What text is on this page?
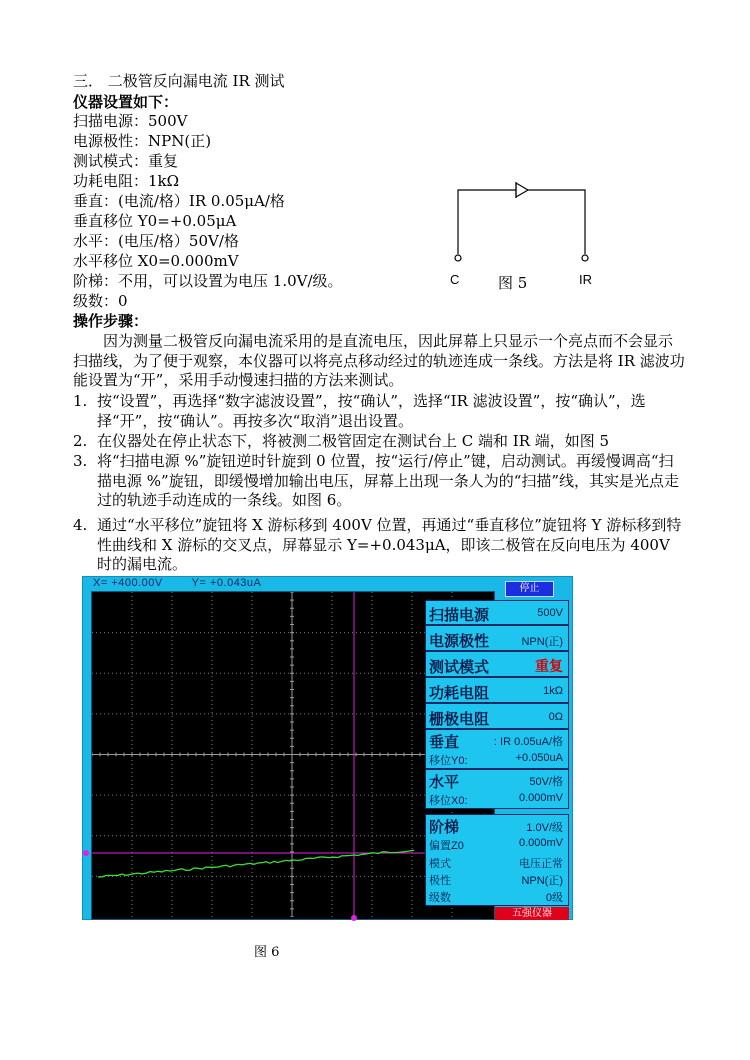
三． 二极管反向漏电流 IR 测试
仪器设置如下：
扫描电源：500V
电源极性：NPN(正)
测试模式：重复
功耗电阻：1kΩ
垂直：(电流/格）IR 0.05μA/格
垂直移位 Y0=+0.05μA
水平：(电压/格）50V/格
水平移位 X0=0.000mV
阶梯：不用，可以设置为电压 1.0V/级。
级数：0
C	IR
图 5
操作步骤：
因为测量二极管反向漏电流采用的是直流电压，因此屏幕上只显示一个亮点而不会显示扫描线，为了便于观察，本仪器可以将亮点移动经过的轨迹连成一条线。方法是将 IR 滤波功能设置为“开”，采用手动慢速扫描的方法来测试。
1. 按“设置”，再选择“数字滤波设置”，按“确认”，选择“IR 滤波设置”，按“确认”，选择“开”，按“确认”。再按多次“取消”退出设置。
2. 在仪器处在停止状态下，将被测二极管固定在测试台上 C 端和 IR 端，如图 5
3. 将“扫描电源 %”旋钮逆时针旋到 0 位置，按“运行/停止”键，启动测试。再缓慢调高“扫描电源 %”旋钮，即缓慢增加输出电压，屏幕上出现一条人为的“扫描”线，其实是光点走过的轨迹手动连成的一条线。如图 6。
4. 通过“水平移位”旋钮将 X 游标移到 400V 位置，再通过“垂直移位”旋钮将 Y 游标移到特性曲线和 X 游标的交叉点，屏幕显示 Y=+0.043μA，即该二极管在反向电压为 400V 时的漏电流。
X= +400.00V	Y= +0.043uA	停止
扫描电源	500V
电源极性	NPN(正)
测试模式	重复
功耗电阻	1kΩ
栅极电阻	0Ω
垂直	: IR 0.05uA/格
移位Y0:	+0.050uA
水平	50V/格
移位X0:	0.000mV
阶梯	1.0V/级
偏置Z0	0.000mV
模式	电压正常
极性	NPN(正)
级数	0级
五强仪器
图 6
